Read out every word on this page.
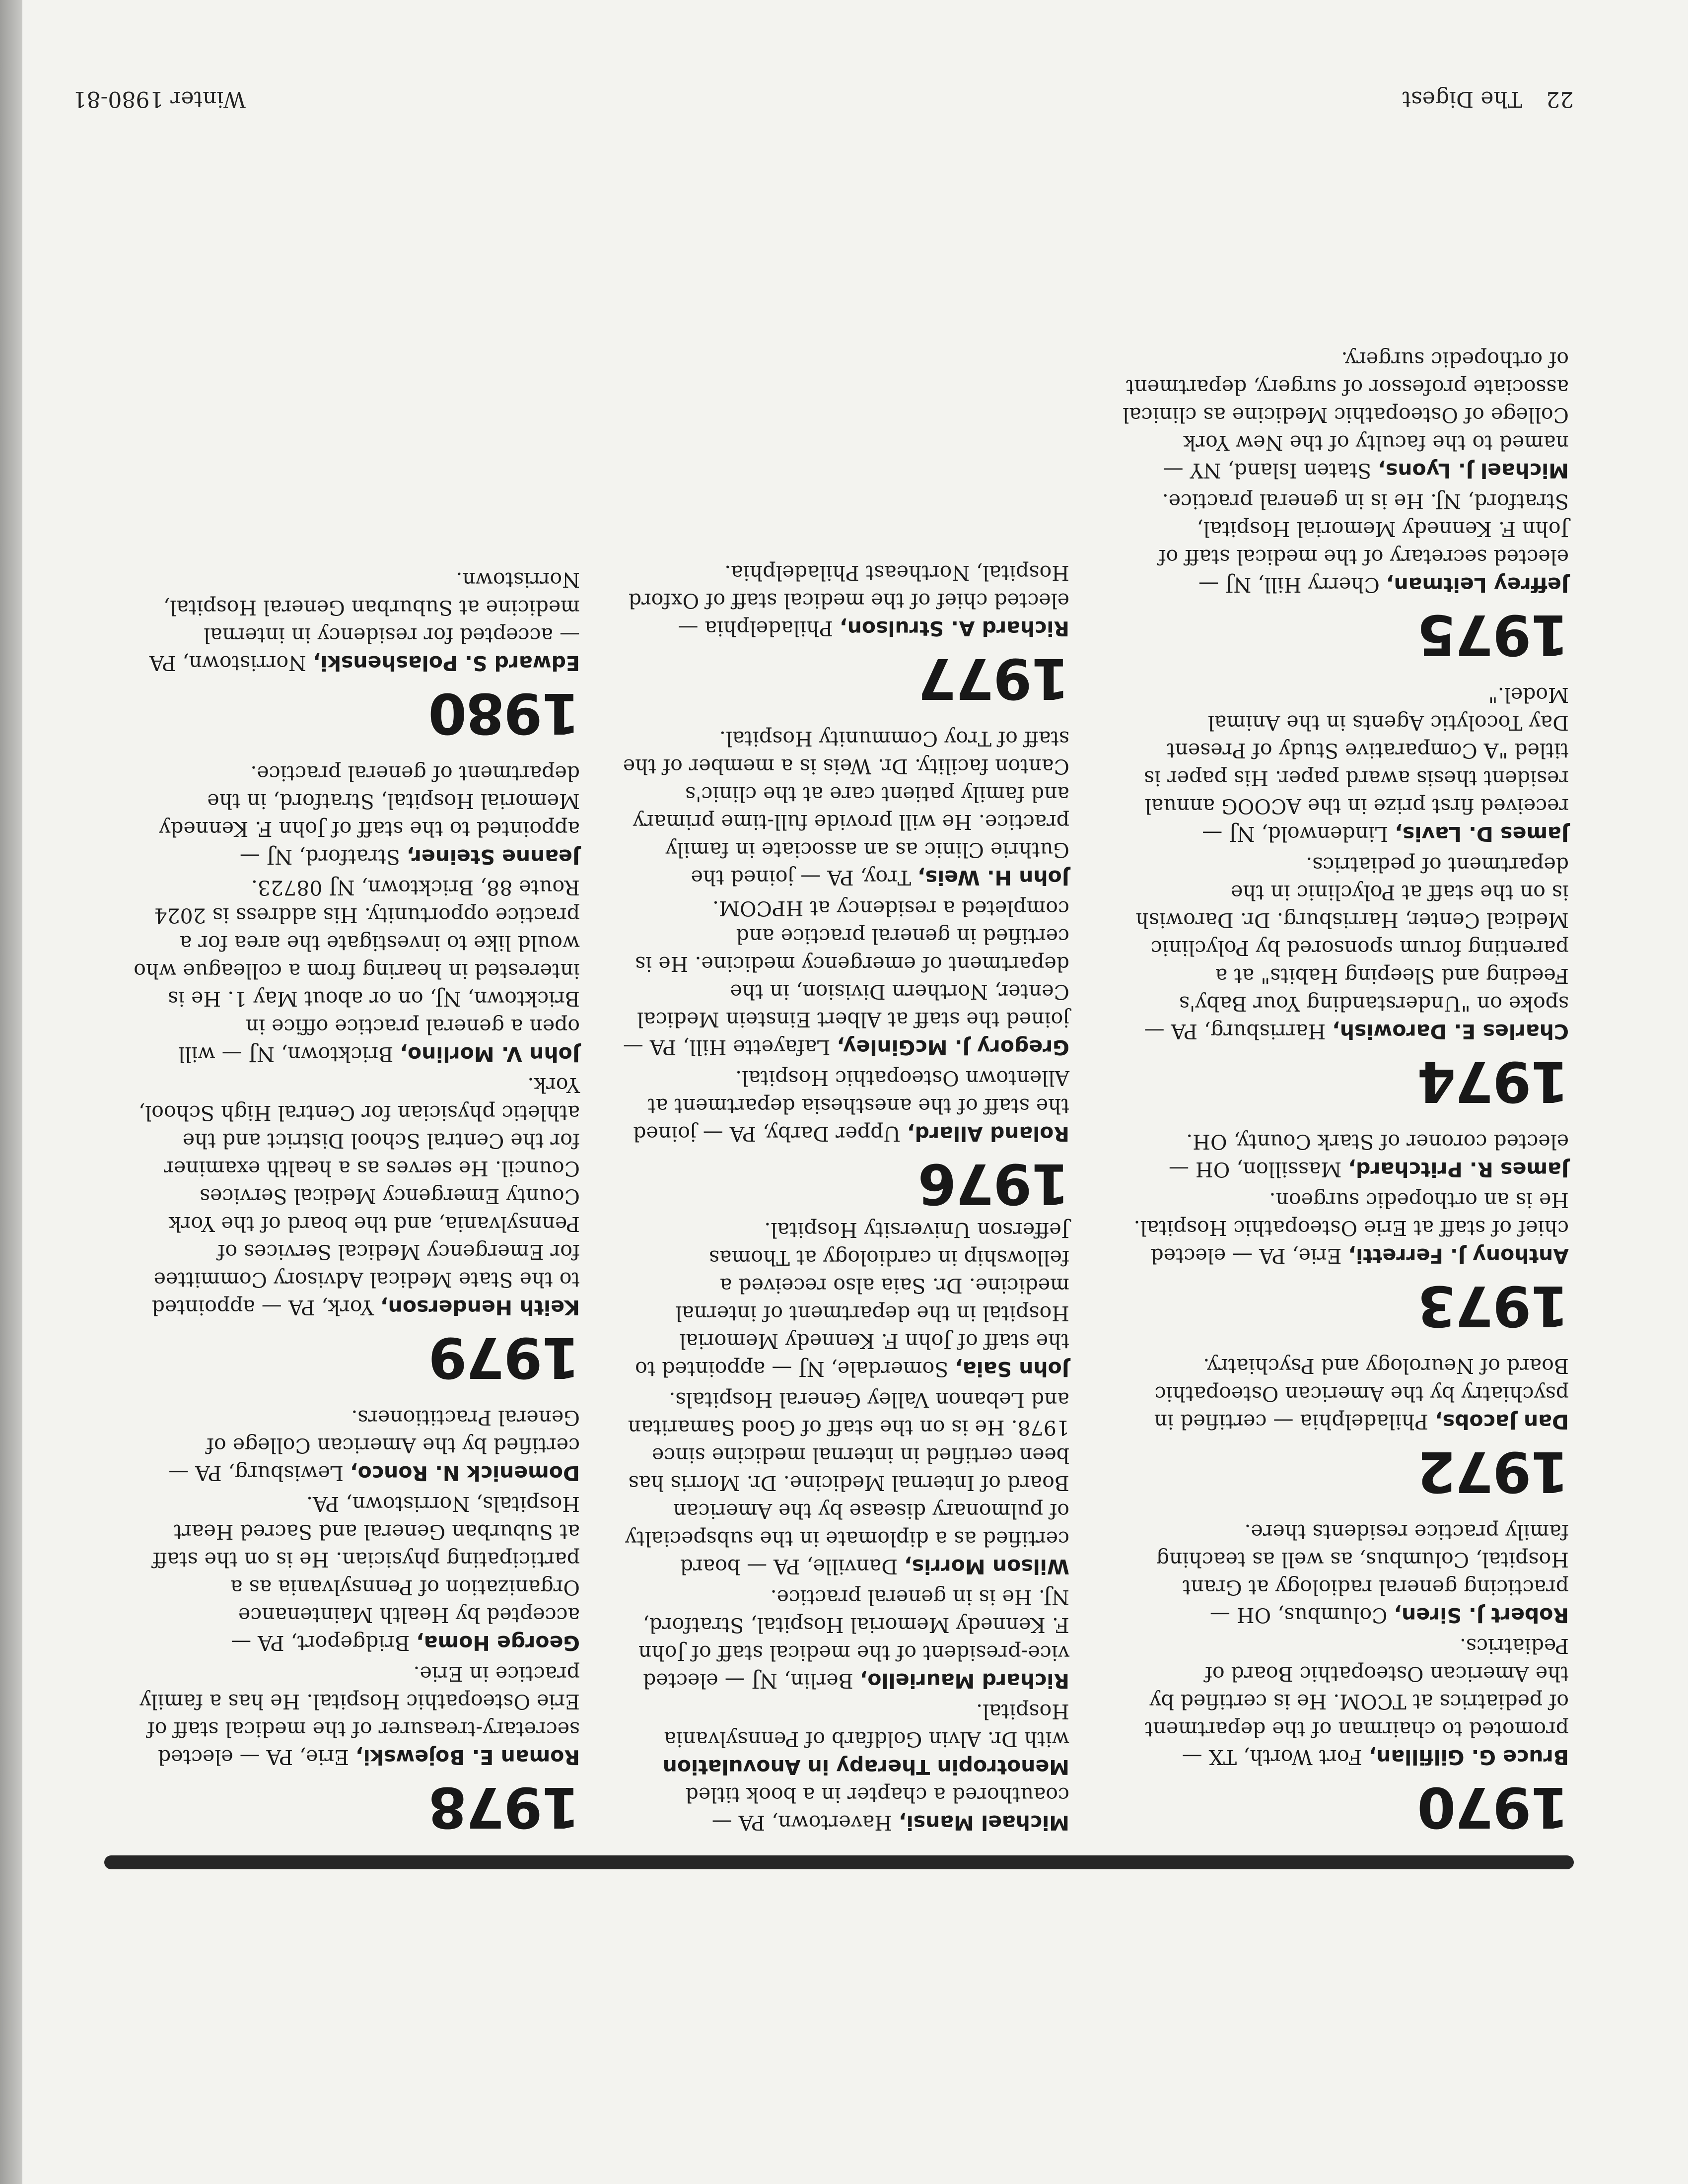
1970

Bruce G. Gilfillan, Fort Worth, TX — promoted to chairman of the department of pediatrics at TCOM. He is certified by the American Osteopathic Board of Pediatrics.

Robert J. Siren, Columbus, OH — practicing general radiology at Grant Hospital, Columbus, as well as teaching family practice residents there.

1972

Dan Jacobs, Philadelphia — certified in psychiatry by the American Osteopathic Board of Neurology and Psychiatry.

1973

Anthony J. Ferretti, Erie, PA — elected chief of staff at Erie Osteopathic Hospital. He is an orthopedic surgeon.

James R. Pritchard, Massillon, OH — elected coroner of Stark County, OH.

1974

Charles E. Darowish, Harrisburg, PA — spoke on "Understanding Your Baby's Feeding and Sleeping Habits" at a parenting forum sponsored by Polyclinic Medical Center, Harrisburg. Dr. Darowish is on the staff at Polyclinic in the department of pediatrics.

James D. Lavis, Lindenwold, NJ — received first prize in the ACOOG annual resident thesis award paper. His paper is titled "A Comparative Study of Present Day Tocolytic Agents in the Animal Model."

1975

Jeffrey Leitman, Cherry Hill, NJ — elected secretary of the medical staff of John F. Kennedy Memorial Hospital, Stratford, NJ. He is in general practice.

Michael J. Lyons, Staten Island, NY — named to the faculty of the New York College of Osteopathic Medicine as clinical associate professor of surgery, department of orthopedic surgery.

Michael Mansi, Havertown, PA — coauthored a chapter in a book titled Menotropin Therapy in Anovulation with Dr. Alvin Goldfarb of Pennsylvania Hospital.

Richard Mauriello, Berlin, NJ — elected vice-president of the medical staff of John F. Kennedy Memorial Hospital, Stratford, NJ. He is in general practice.

Wilson Morris, Danville, PA — board certified as a diplomate in the subspecialty of pulmonary disease by the American Board of Internal Medicine. Dr. Morris has been certified in internal medicine since 1978. He is on the staff of Good Samaritan and Lebanon Valley General Hospitals.

John Saia, Somerdale, NJ — appointed to the staff of John F. Kennedy Memorial Hospital in the department of internal medicine. Dr. Saia also received a fellowship in cardiology at Thomas Jefferson University Hospital.

1976

Roland Allard, Upper Darby, PA — joined the staff of the anesthesia department at Allentown Osteopathic Hospital.

Gregory J. McGinley, Lafayette Hill, PA — joined the staff at Albert Einstein Medical Center, Northern Division, in the department of emergency medicine. He is certified in general practice and completed a residency at HPCOM.

John H. Weis, Troy, PA — joined the Guthrie Clinic as an associate in family practice. He will provide full-time primary and family patient care at the clinic's Canton facility. Dr. Weis is a member of the staff of Troy Community Hospital.

1977

Richard A. Strulson, Philadelphia — elected chief of the medical staff of Oxford Hospital, Northeast Philadelphia.

1978

Roman E. Bojewski, Erie, PA — elected secretary-treasurer of the medical staff of Erie Osteopathic Hospital. He has a family practice in Erie.

George Homa, Bridgeport, PA — accepted by Health Maintenance Organization of Pennsylvania as a participating physician. He is on the staff at Suburban General and Sacred Heart Hospitals, Norristown, PA.

Domenick N. Ronco, Lewisburg, PA — certified by the American College of General Practitioners.

1979

Keith Henderson, York, PA — appointed to the State Medical Advisory Committee for Emergency Medical Services of Pennsylvania, and the board of the York County Emergency Medical Services Council. He serves as a health examiner for the Central School District and the athletic physician for Central High School, York.

John V. Morlino, Bricktown, NJ — will open a general practice office in Bricktown, NJ, on or about May 1. He is interested in hearing from a colleague who would like to investigate the area for a practice opportunity. His address is 2024 Route 88, Bricktown, NJ 08723.

Jeanne Steiner, Stratford, NJ — appointed to the staff of John F. Kennedy Memorial Hospital, Stratford, in the department of general practice.

1980

Edward S. Polashenski, Norristown, PA — accepted for residency in internal medicine at Suburban General Hospital, Norristown.

22 The Digest
Winter 1980-81
